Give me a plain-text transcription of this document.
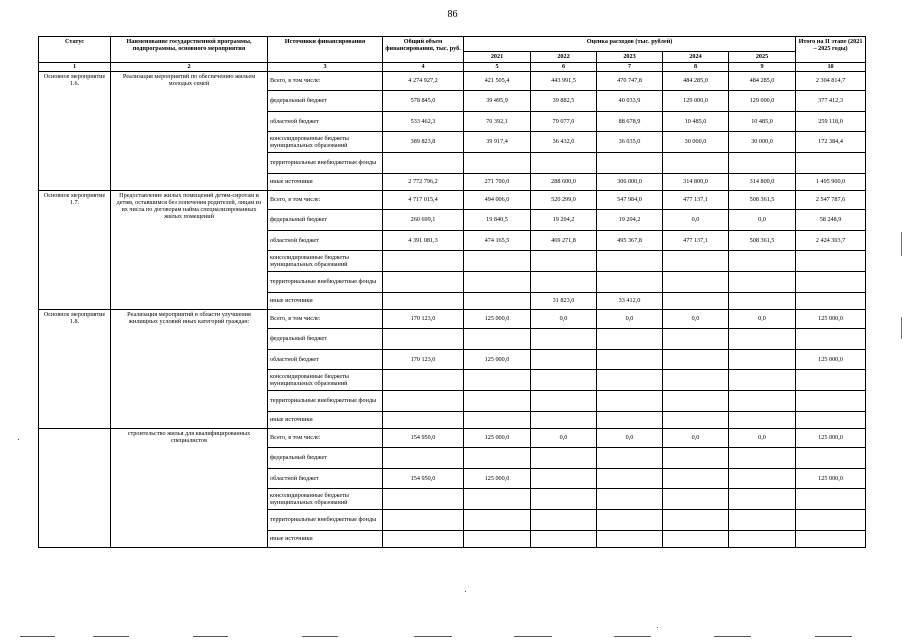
86
Статус	Наименование государственной программы, подпрограммы, основного мероприятия	Источники финансирования	Общий объем финансирования, тыс. руб.	Оценка расходов (тыс. рублей)					Итого на II этапе (2021 – 2025 годы)
				2021	2022	2023	2024	2025	
1	2	3	4	5	6	7	8	9	10
Основное мероприятие 1.6.	Реализация мероприятий по обеспечению жильем молодых семей	Всего, в том числе:	4 274 927,2	421 505,4	443 991,5	470 747,8	484 285,0	484 285,0	2 304 814,7
		федеральный бюджет	578 845,0	39 495,9	39 882,5	40 033,9	129 000,0	129 000,0	377 412,3
		областной бюджет	533 462,3	70 392,1	79 077,0	88 678,9	10 485,0	10 485,0	259 118,0
		консолидированные бюджеты муниципальных образований	389 823,8	39 917,4	36 432,0	36 035,0	30 000,0	30 000,0	172 384,4
		территориальные внебюджетные фонды							
		иные источники	2 772 796,2	271 700,0	288 600,0	306 000,0	314 800,0	314 800,0	1 495 900,0
Основное мероприятие 1.7.	Предоставление жилых помещений детям-сиротам и детям, оставшимся без попечения родителей, лицам из их числа по договорам найма специализированных жилых помещений	Всего, в том числе:	4 717 015,4	494 006,0	520 299,0	547 984,0	477 137,1	508 361,5	2 547 787,6
		федеральный бюджет	260 699,1	19 840,5	19 204,2	19 204,2	0,0	0,0	58 248,9
		областной бюджет	4 391 081,3	474 165,5	469 271,8	495 367,8	477 137,1	508 361,5	2 424 303,7
		консолидированные бюджеты муниципальных образований							
		территориальные внебюджетные фонды							
		иные источники			31 823,0	33 412,0			
Основное мероприятие 1.8.	Реализация мероприятий в области улучшения жилищных условий иных категорий граждан:	Всего, в том числе:	170 123,0	125 000,0	0,0	0,0	0,0	0,0	125 000,0
		федеральный бюджет							
		областной бюджет	170 123,0	125 000,0					125 000,0
		консолидированные бюджеты муниципальных образований							
		территориальные внебюджетные фонды							
		иные источники							
	строительство жилья для квалифицированных специалистов	Всего, в том числе:	154 950,0	125 000,0	0,0	0,0	0,0	0,0	125 000,0
		федеральный бюджет							
		областной бюджет	154 950,0	125 000,0					125 000,0
		консолидированные бюджеты муниципальных образований							
		территориальные внебюджетные фонды							
		иные источники							
